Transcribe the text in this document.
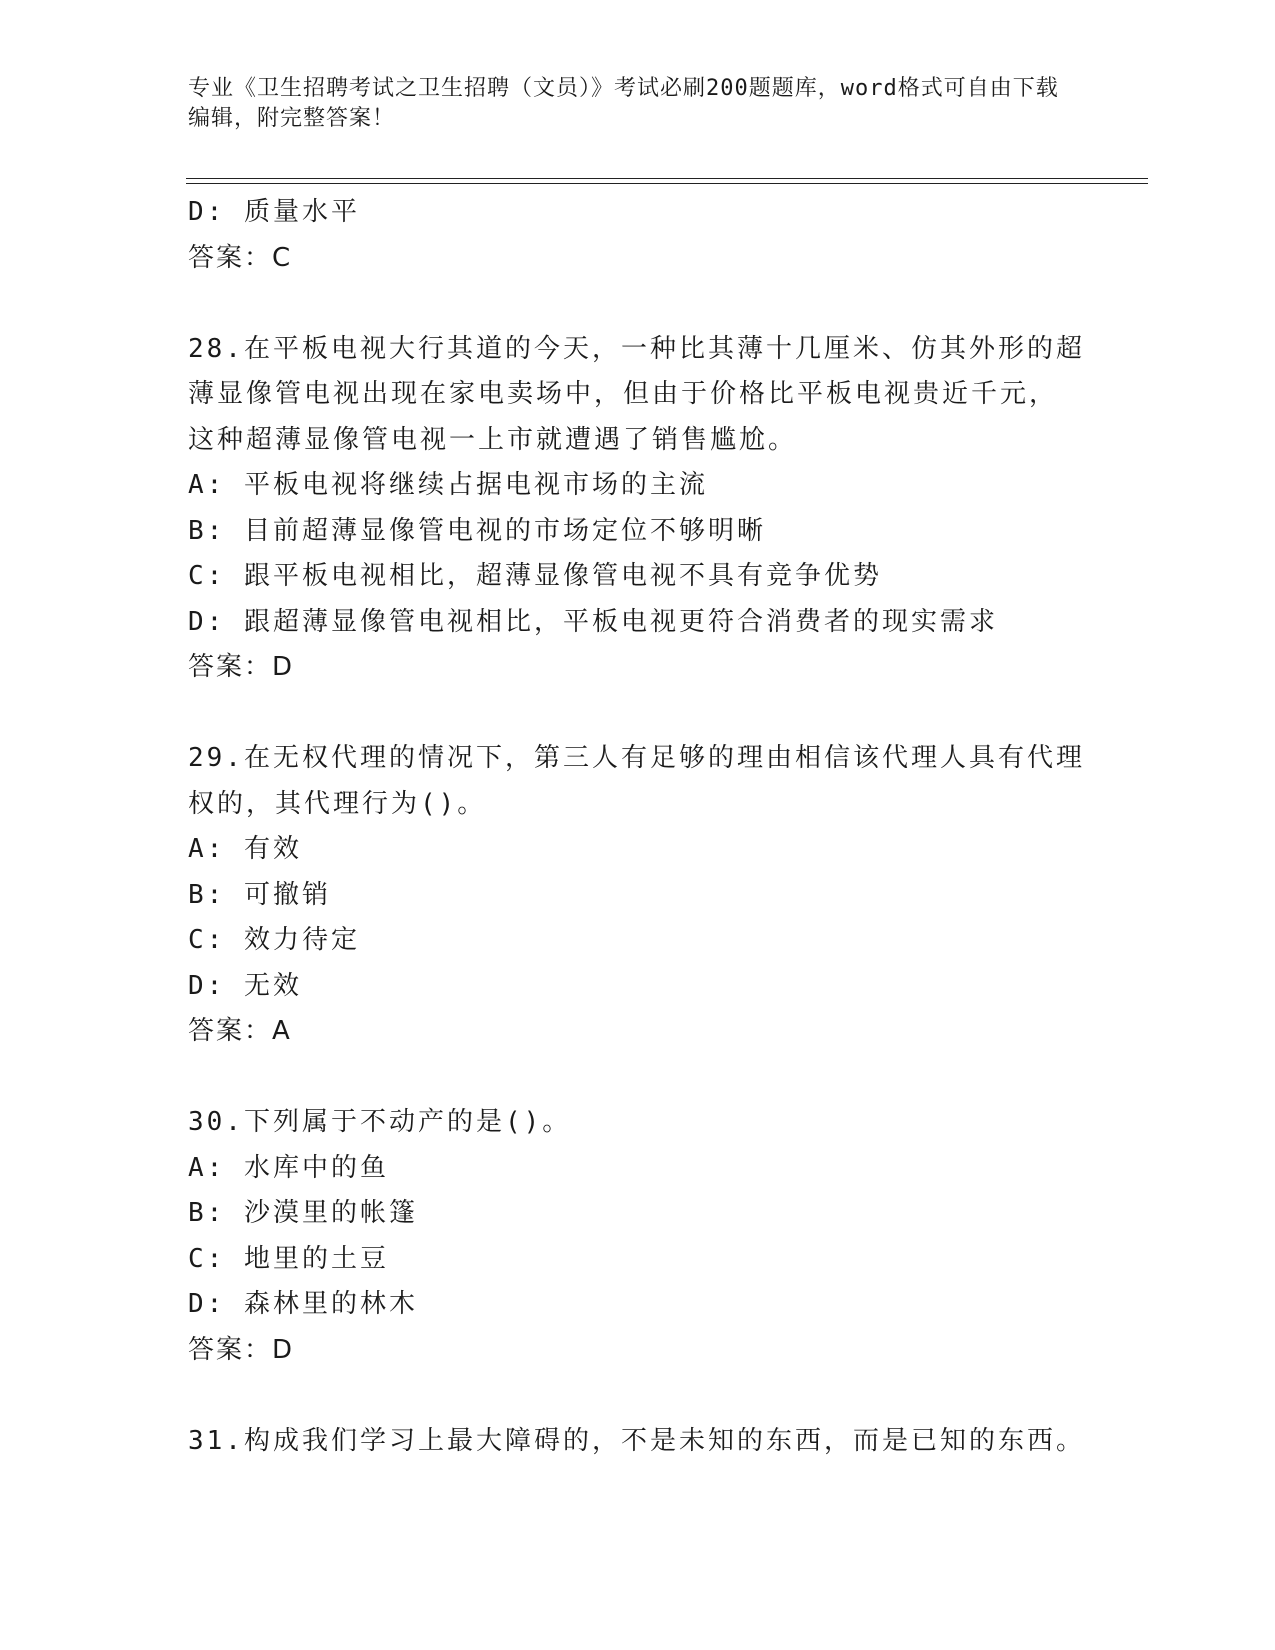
专业《卫生招聘考试之卫生招聘（文员）》考试必刷200题题库，word格式可自由下载编辑，附完整答案！
D: 质量水平
答案：C
28.在平板电视大行其道的今天，一种比其薄十几厘米、仿其外形的超
薄显像管电视出现在家电卖场中，但由于价格比平板电视贵近千元，
这种超薄显像管电视一上市就遭遇了销售尴尬。
A: 平板电视将继续占据电视市场的主流
B: 目前超薄显像管电视的市场定位不够明晰
C: 跟平板电视相比，超薄显像管电视不具有竞争优势
D: 跟超薄显像管电视相比，平板电视更符合消费者的现实需求
答案：D
29.在无权代理的情况下，第三人有足够的理由相信该代理人具有代理
权的，其代理行为()。
A: 有效
B: 可撤销
C: 效力待定
D: 无效
答案：A
30.下列属于不动产的是()。
A: 水库中的鱼
B: 沙漠里的帐篷
C: 地里的土豆
D: 森林里的林木
答案：D
31.构成我们学习上最大障碍的，不是未知的东西，而是已知的东西。
